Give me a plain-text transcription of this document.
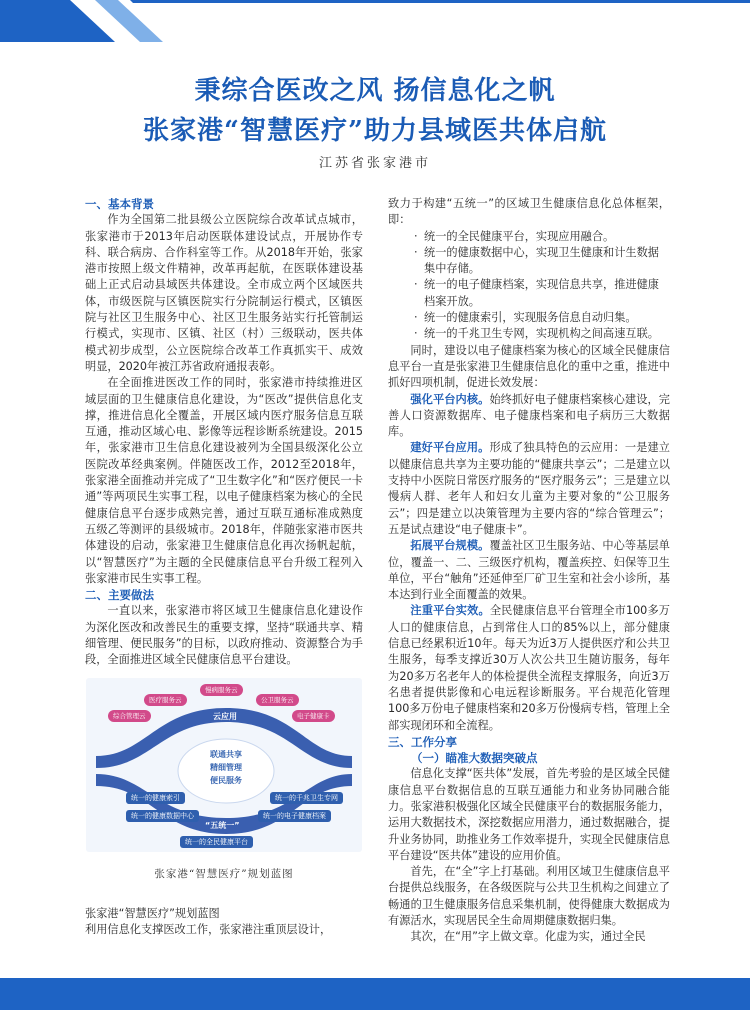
秉综合医改之风 扬信息化之帆
张家港“智慧医疗”助力县域医共体启航
江苏省张家港市
一、基本背景

作为全国第二批县级公立医院综合改革试点城市，张家港市于2013年启动医联体建设试点，开展协作专科、联合病房、合作科室等工作。从2018年开始，张家港市按照上级文件精神，改革再起航，在医联体建设基础上正式启动县域医共体建设。全市成立两个区域医共体，市级医院与区镇医院实行分院制运行模式，区镇医院与社区卫生服务中心、社区卫生服务站实行托管制运行模式，实现市、区镇、社区（村）三级联动，医共体模式初步成型，公立医院综合改革工作真抓实干、成效明显，2020年被江苏省政府通报表彰。

在全面推进医改工作的同时，张家港市持续推进区域层面的卫生健康信息化建设，为“医改”提供信息化支撑，推进信息化全覆盖，开展区域内医疗服务信息互联互通，推动区域心电、影像等远程诊断系统建设。2015年，张家港市卫生信息化建设被列为全国县级深化公立医院改革经典案例。伴随医改工作，2012至2018年，张家港全面推动并完成了“卫生数字化”和“医疗便民一卡通”等两项民生实事工程，以电子健康档案为核心的全民健康信息平台逐步成熟完善，通过互联互通标准成熟度五级乙等测评的县级城市。2018年，伴随张家港市医共体建设的启动，张家港卫生健康信息化再次扬帆起航，以“智慧医疗”为主题的全民健康信息平台升级工程列入张家港市民生实事工程。

二、主要做法

一直以来，张家港市将区域卫生健康信息化建设作为深化医改和改善民生的重要支撑，坚持“联通共享、精细管理、便民服务”的目标，以政府推动、资源整合为手段，全面推进区域全民健康信息平台建设。

云应用
“五统一”
联通共享
精细管理
便民服务
慢病服务云
医疗服务云	公卫服务云
综合管理云	电子健康卡
统一的健康索引
统一的全民健康平台
统一的电子健康档案
统一的千兆卫生专网
统一的健康数据中心
张家港“智慧医疗”规划蓝图

张家港“智慧医疗”规划蓝图

利用信息化支撑医改工作，张家港注重顶层设计，

致力于构建“五统一”的区域卫生健康信息化总体框架，即：

· 统一的全民健康平台，实现应用融合。
· 统一的健康数据中心，实现卫生健康和计生数据集中存储。
· 统一的电子健康档案，实现信息共享，推进健康档案开放。
· 统一的健康索引，实现服务信息自动归集。
· 统一的千兆卫生专网，实现机构之间高速互联。

同时，建设以电子健康档案为核心的区域全民健康信息平台一直是张家港卫生健康信息化的重中之重，推进中抓好四项机制，促进长效发展：

强化平台内核。始终抓好电子健康档案核心建设，完善人口资源数据库、电子健康档案和电子病历三大数据库。

建好平台应用。形成了独具特色的云应用：一是建立以健康信息共享为主要功能的“健康共享云”；二是建立以支持中小医院日常医疗服务的“医疗服务云”；三是建立以慢病人群、老年人和妇女儿童为主要对象的“公卫服务云”；四是建立以决策管理为主要内容的“综合管理云”；五是试点建设“电子健康卡”。

拓展平台规模。覆盖社区卫生服务站、中心等基层单位，覆盖一、二、三级医疗机构，覆盖疾控、妇保等卫生单位，平台“触角”还延伸至厂矿卫生室和社会小诊所，基本达到行业全面覆盖的效果。

注重平台实效。全民健康信息平台管理全市100多万人口的健康信息，占到常住人口的85%以上，部分健康信息已经累积近10年。每天为近3万人提供医疗和公共卫生服务，每季支撑近30万人次公共卫生随访服务，每年为20多万名老年人的体检提供全流程支撑服务，向近3万名患者提供影像和心电远程诊断服务。平台规范化管理100多万份电子健康档案和20多万份慢病专档，管理上全部实现闭环和全流程。

三、工作分享
（一）瞄准大数据突破点

信息化支撑“医共体”发展，首先考验的是区域全民健康信息平台数据信息的互联互通能力和业务协同融合能力。张家港积极强化区域全民健康平台的数据服务能力，运用大数据技术，深挖数据应用潜力，通过数据融合，提升业务协同，助推业务工作效率提升，实现全民健康信息平台建设“医共体”建设的应用价值。

首先，在“全”字上打基础。利用区域卫生健康信息平台提供总线服务，在各级医院与公共卫生机构之间建立了畅通的卫生健康服务信息采集机制，使得健康大数据成为有源活水，实现居民全生命周期健康数据归集。

其次，在“用”字上做文章。化虚为实，通过全民
